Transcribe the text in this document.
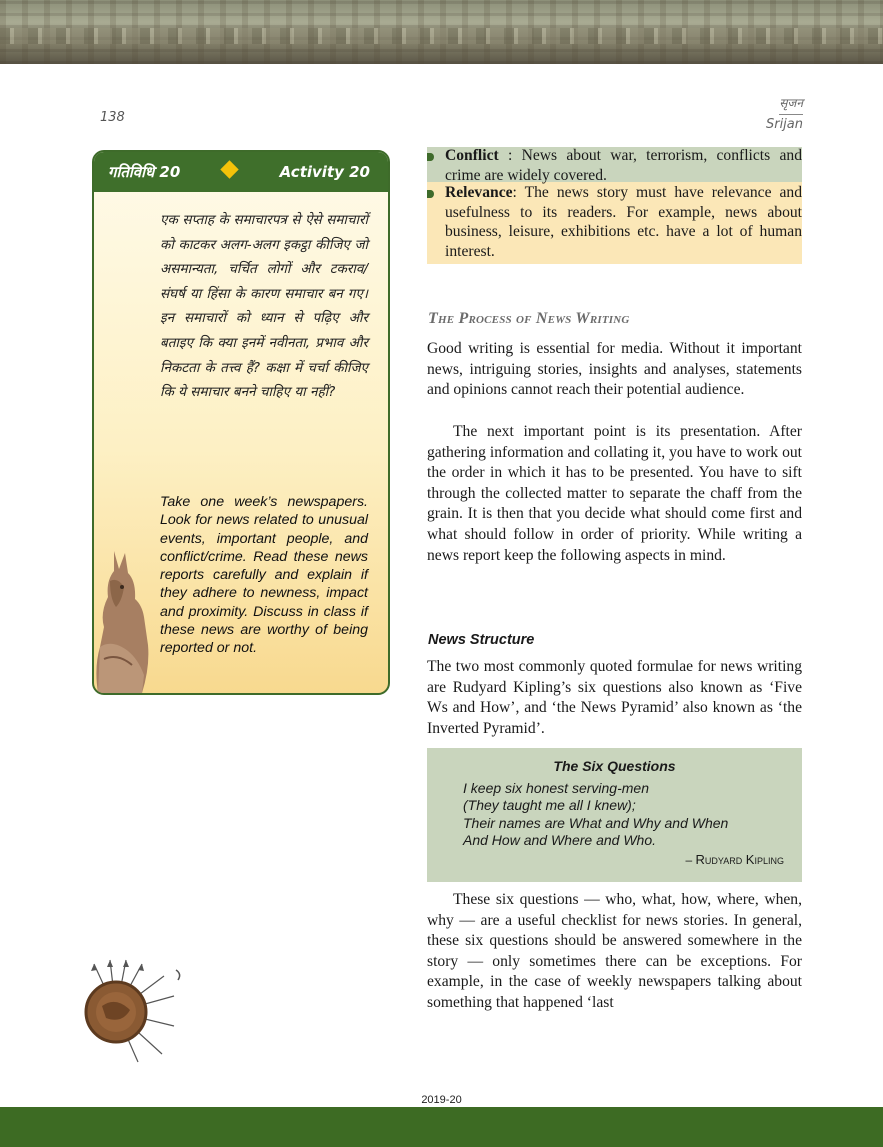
138
सृजन
Srijan
गतिविधि 20	Activity 20
एक सप्ताह के समाचारपत्र से ऐसे समाचारों को काटकर अलग-अलग इकट्ठा कीजिए जो असमान्यता, चर्चित लोगों और टकराव/संघर्ष या हिंसा के कारण समाचार बन गए। इन समाचारों को ध्यान से पढ़िए और बताइए कि क्या इनमें नवीनता, प्रभाव और निकटता के तत्त्व हैं? कक्षा में चर्चा कीजिए कि ये समाचार बनने चाहिए या नहीं?
Take one week’s newspapers. Look for news related to unusual events, important people, and conflict/crime. Read these news reports carefully and explain if they adhere to newness, impact and proximity. Discuss in class if these news are worthy of being reported or not.
Conflict : News about war, terrorism, conflicts and crime are widely covered.
Relevance: The news story must have relevance and usefulness to its readers. For example, news about business, leisure, exhibitions etc. have a lot of human interest.
The Process of News Writing
Good writing is essential for media. Without it important news, intriguing stories, insights and analyses, statements and opinions cannot reach their potential audience.
The next important point is its presentation. After gathering information and collating it, you have to work out the order in which it has to be presented. You have to sift through the collected matter to separate the chaff from the grain. It is then that you decide what should come first and what should follow in order of priority. While writing a news report keep the following aspects in mind.
News Structure
The two most commonly quoted formulae for news writing are Rudyard Kipling’s six questions also known as ‘Five Ws and How’, and ‘the News Pyramid’ also known as ‘the Inverted Pyramid’.
The Six Questions
I keep six honest serving-men
(They taught me all I knew);
Their names are What and Why and When
And How and Where and Who.
– Rudyard Kipling
These six questions — who, what, how, where, when, why — are a useful checklist for news stories. In general, these six questions should be answered somewhere in the story — only sometimes there can be exceptions. For example, in the case of weekly newspapers talking about something that happened ‘last
2019-20
